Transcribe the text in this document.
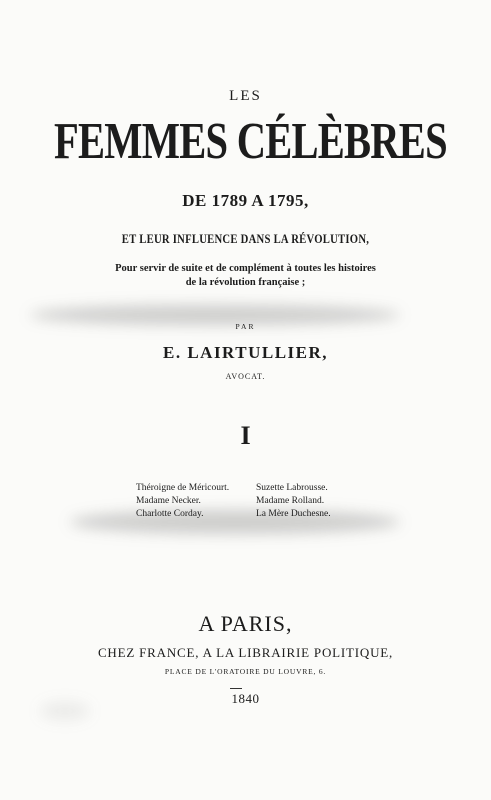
LES
FEMMES CÉLÈBRES
DE 1789 A 1795,
ET LEUR INFLUENCE DANS LA RÉVOLUTION,
Pour servir de suite et de complément à toutes les histoires
de la révolution française ;
PAR
E. LAIRTULLIER,
AVOCAT.
I
Théroigne de Méricourt.
Madame Necker.
Charlotte Corday.
Suzette Labrousse.
Madame Rolland.
La Mère Duchesne.
A PARIS,
CHEZ FRANCE, A LA LIBRAIRIE POLITIQUE,
PLACE DE L'ORATOIRE DU LOUVRE, 6.
1840
